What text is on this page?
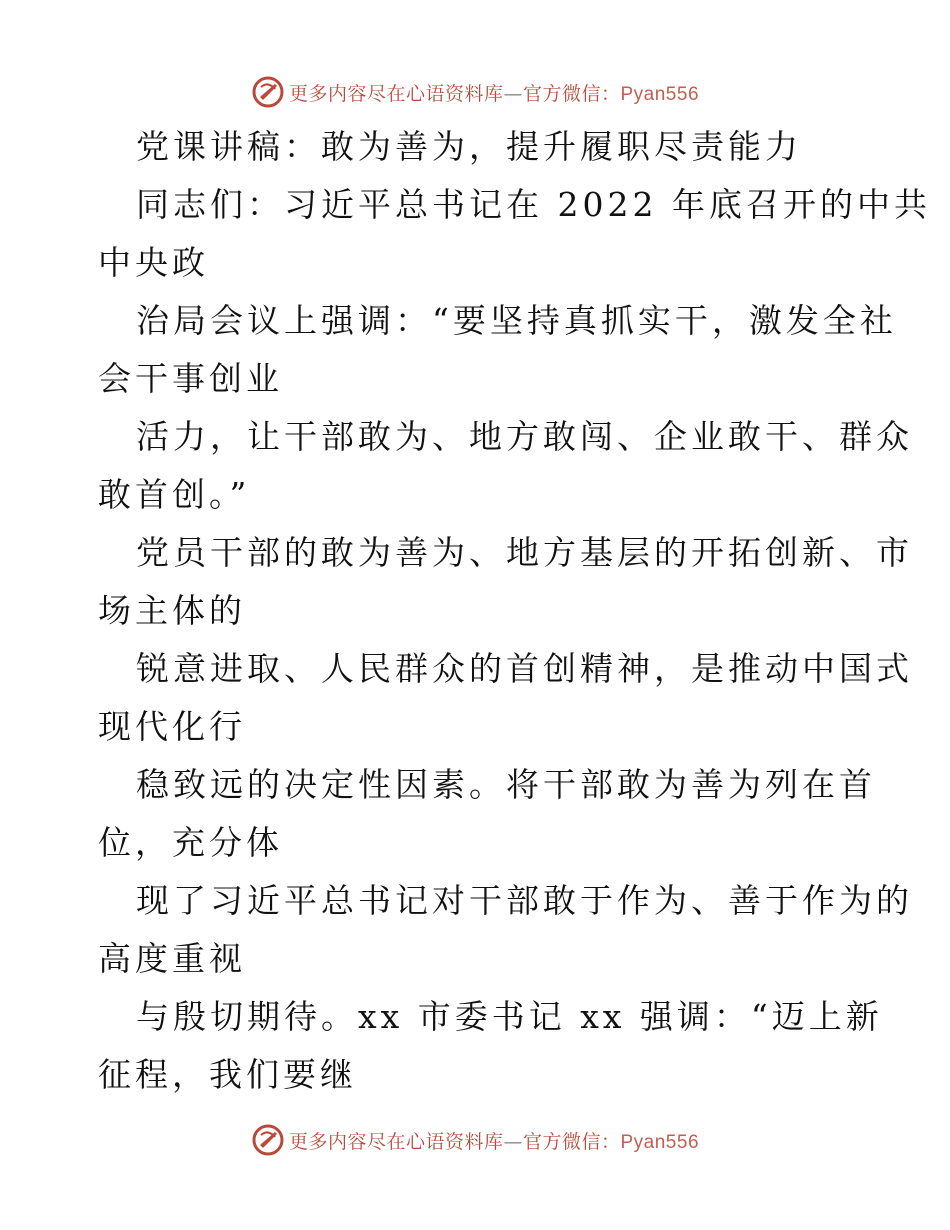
更多内容尽在心语资料库—官方微信：Pyan556
党课讲稿：敢为善为，提升履职尽责能力
同志们：习近平总书记在 2022 年底召开的中共
中央政
治局会议上强调：“要坚持真抓实干，激发全社
会干事创业
活力，让干部敢为、地方敢闯、企业敢干、群众
敢首创。”
党员干部的敢为善为、地方基层的开拓创新、市
场主体的
锐意进取、人民群众的首创精神，是推动中国式
现代化行
稳致远的决定性因素。将干部敢为善为列在首
位，充分体
现了习近平总书记对干部敢于作为、善于作为的
高度重视
与殷切期待。xx 市委书记 xx 强调：“迈上新
征程，我们要继
更多内容尽在心语资料库—官方微信：Pyan556
